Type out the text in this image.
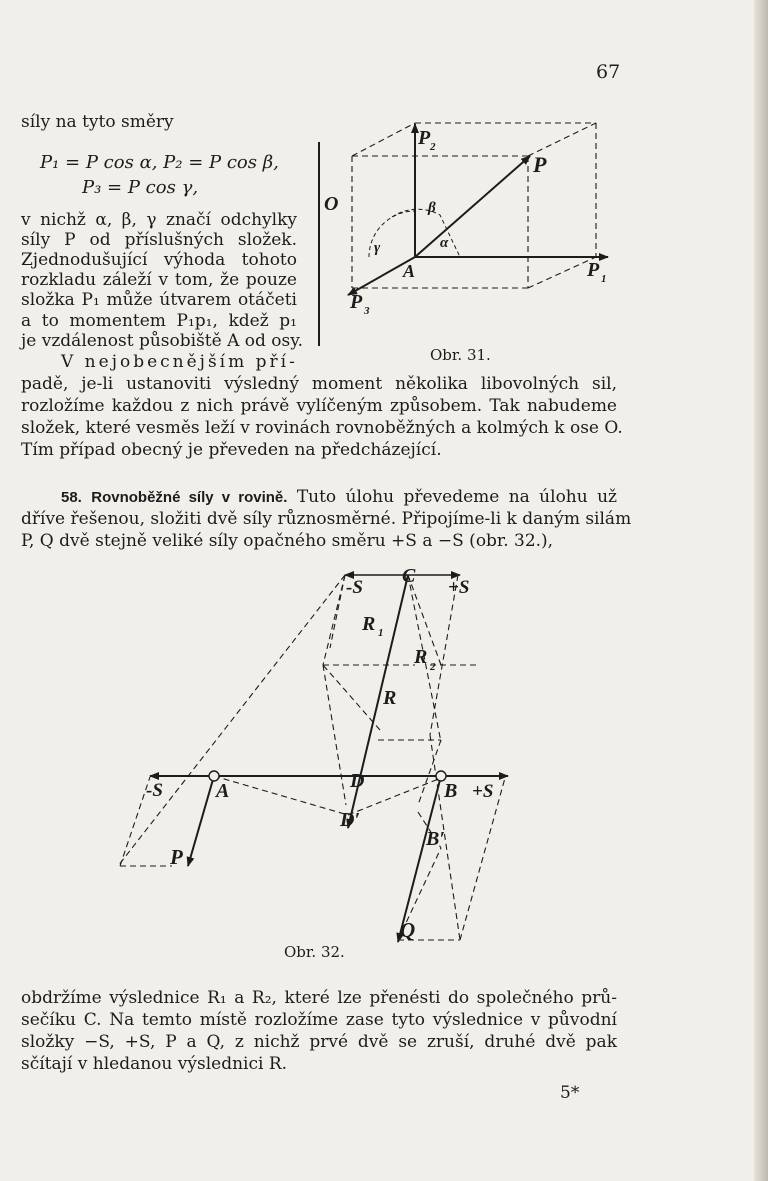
67
síly na tyto směry
P₁ = P cos α, P₂ = P cos β,
P₃ = P cos γ,
v nichž α, β, γ značí odchylky
síly P od příslušných složek.
Zjednodušující výhoda tohoto
rozkladu záleží v tom, že pouze
složka P₁ může útvarem otáčeti
a to momentem P₁p₁, kdež p₁
je vzdálenost působiště A od osy.
V nejobecnějším pří-
O
A
P 2
P
P 1
P 3
β
α
γ
Obr. 31.
padě, je-li ustanoviti výsledný moment několika libovolných sil,
rozložíme každou z nich právě vylíčeným způsobem. Tak nabudeme
složek, které vesměs leží v rovinách rovnoběžných a kolmých k ose O.
Tím případ obecný je převeden na předcházející.
58. Rovnoběžné síly v rovině. Tuto úlohu převedeme na úlohu už
dříve řešenou, složiti dvě síly různosměrné. Připojíme-li k daným silám
P, Q dvě stejně veliké síly opačného směru +S a −S (obr. 32.),
C
-S	+S
R 1
R 2
R
-S	A	D
D′
B +S
B′
P
Q
Obr. 32.
obdržíme výslednice R₁ a R₂, které lze přenésti do společného prů-
sečíku C. Na temto místě rozložíme zase tyto výslednice v původní
složky −S, +S, P a Q, z nichž prvé dvě se zruší, druhé dvě pak
sčítají v hledanou výslednici R.
5*
